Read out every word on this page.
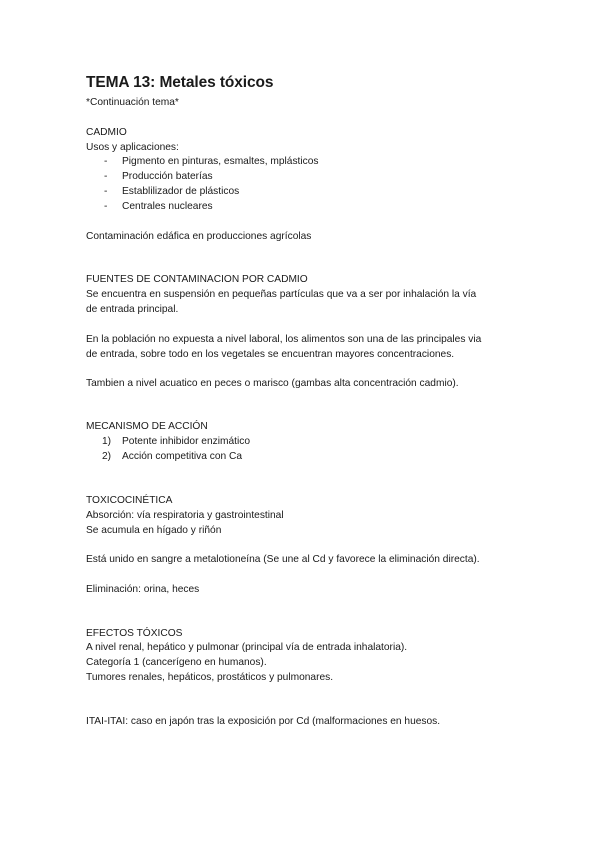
TEMA 13: Metales tóxicos
*Continuación tema*
CADMIO
Usos y aplicaciones:
- Pigmento en pinturas, esmaltes, mplásticos
- Producción baterías
- Establilizador de plásticos
- Centrales nucleares
Contaminación edáfica en producciones agrícolas
FUENTES DE CONTAMINACION POR CADMIO
Se encuentra en suspensión en pequeñas partículas que va a ser por inhalación la vía
de entrada principal.
En la población no expuesta a nivel laboral, los alimentos son una de las principales via
de entrada, sobre todo en los vegetales se encuentran mayores concentraciones.
Tambien a nivel acuatico en peces o marisco (gambas alta concentración cadmio).
MECANISMO DE ACCIÓN
1) Potente inhibidor enzimático
2) Acción competitiva con Ca
TOXICOCINÉTICA
Absorción: vía respiratoria y gastrointestinal
Se acumula en hígado y riñón
Está unido en sangre a metalotioneína (Se une al Cd y favorece la eliminación directa).
Eliminación: orina, heces
EFECTOS TÓXICOS
A nivel renal, hepático y pulmonar (principal vía de entrada inhalatoria).
Categoría 1 (cancerígeno en humanos).
Tumores renales, hepáticos, prostáticos y pulmonares.
ITAI-ITAI: caso en japón tras la exposición por Cd (malformaciones en huesos.
